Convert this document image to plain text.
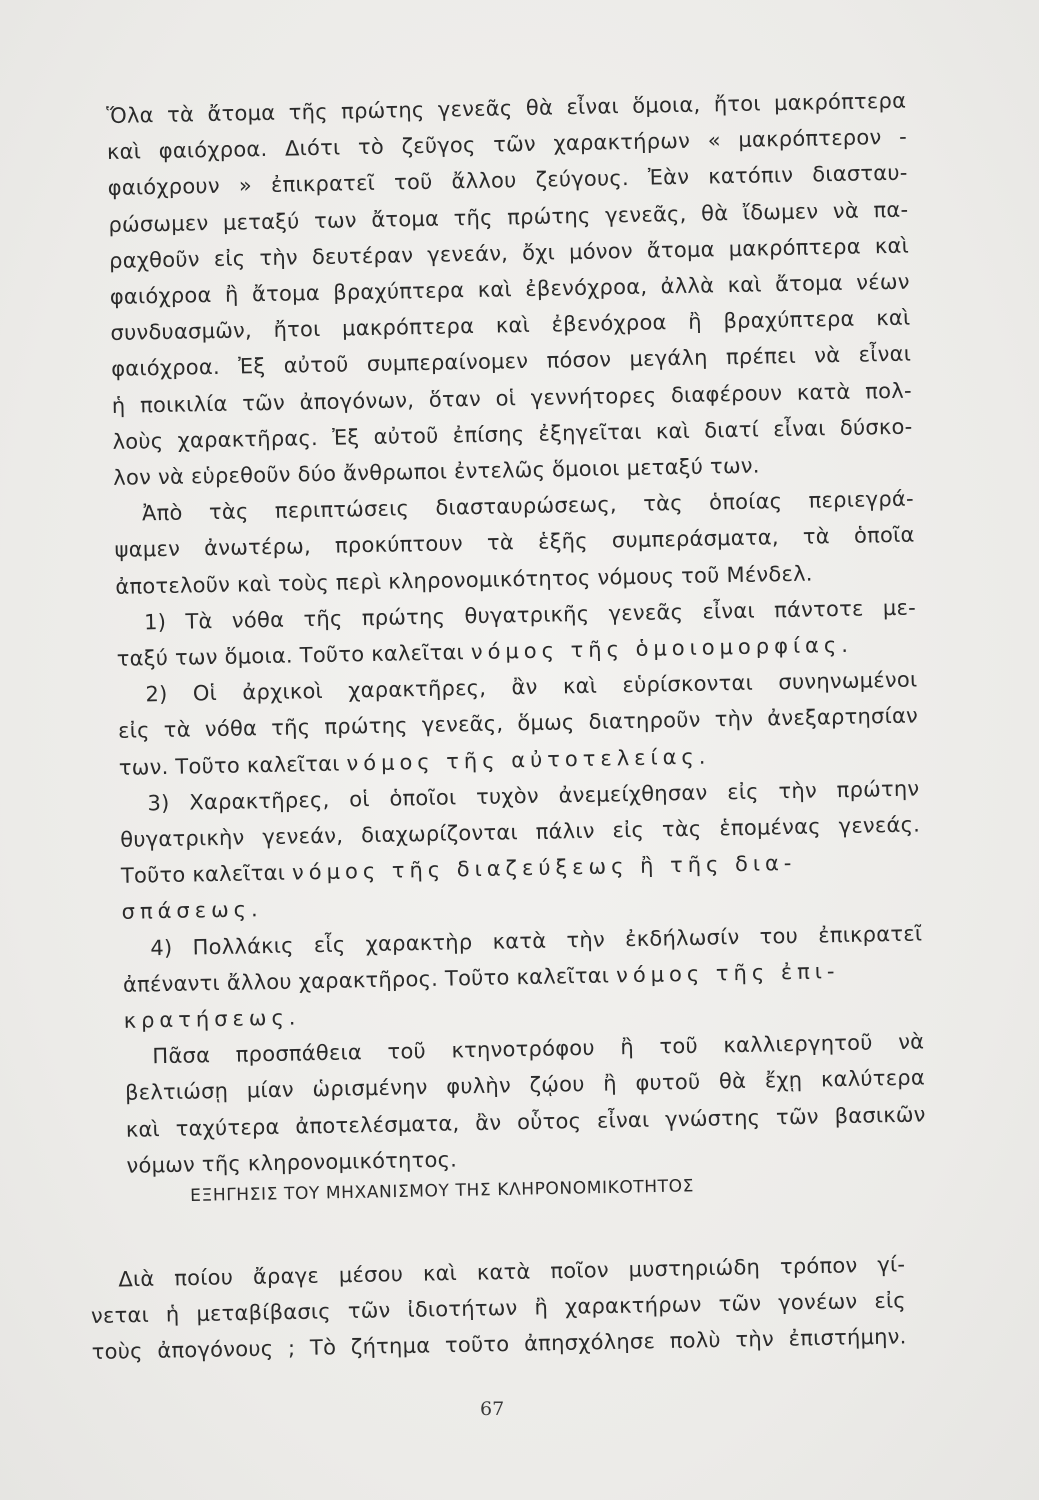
Ὅλα τὰ ἄτομα τῆς πρώτης γενεᾶς θὰ εἶναι ὅμοια, ἤτοι μακρόπτερα
καὶ φαιόχροα. Διότι τὸ ζεῦγος τῶν χαρακτήρων « μακρόπτερον -
φαιόχρουν » ἐπικρατεῖ τοῦ ἄλλου ζεύγους. Ἐὰν κατόπιν διασταυ-
ρώσωμεν μεταξύ των ἄτομα τῆς πρώτης γενεᾶς, θὰ ἴδωμεν νὰ πα-
ραχθοῦν εἰς τὴν δευτέραν γενεάν, ὄχι μόνον ἄτομα μακρόπτερα καὶ
φαιόχροα ἢ ἄτομα βραχύπτερα καὶ ἐβενόχροα, ἀλλὰ καὶ ἄτομα νέων
συνδυασμῶν, ἤτοι μακρόπτερα καὶ ἐβενόχροα ἢ βραχύπτερα καὶ
φαιόχροα. Ἐξ αὐτοῦ συμπεραίνομεν πόσον μεγάλη πρέπει νὰ εἶναι
ἡ ποικιλία τῶν ἀπογόνων, ὅταν οἱ γεννήτορες διαφέρουν κατὰ πολ-
λοὺς χαρακτῆρας. Ἐξ αὐτοῦ ἐπίσης ἐξηγεῖται καὶ διατί εἶναι δύσκο-
λον νὰ εὑρεθοῦν δύο ἄνθρωποι ἐντελῶς ὅμοιοι μεταξύ των.
Ἀπὸ τὰς περιπτώσεις διασταυρώσεως, τὰς ὁποίας περιεγρά-
ψαμεν ἀνωτέρω, προκύπτουν τὰ ἑξῆς συμπεράσματα, τὰ ὁποῖα
ἀποτελοῦν καὶ τοὺς περὶ κληρονομικότητος νόμους τοῦ Μένδελ.
1) Τὰ νόθα τῆς πρώτης θυγατρικῆς γενεᾶς εἶναι πάντοτε με-
ταξύ των ὅμοια. Τοῦτο καλεῖται νόμος τῆς ὁμοιομορφίας.
2) Οἱ ἀρχικοὶ χαρακτῆρες, ἂν καὶ εὑρίσκονται συνηνωμένοι
εἰς τὰ νόθα τῆς πρώτης γενεᾶς, ὅμως διατηροῦν τὴν ἀνεξαρτησίαν
των. Τοῦτο καλεῖται νόμος τῆς αὐτοτελείας.
3) Χαρακτῆρες, οἱ ὁποῖοι τυχὸν ἀνεμείχθησαν εἰς τὴν πρώτην
θυγατρικὴν γενεάν, διαχωρίζονται πάλιν εἰς τὰς ἑπομένας γενεάς.
Τοῦτο καλεῖται νόμος τῆς διαζεύξεως ἢ τῆς δια-
σπάσεως.
4) Πολλάκις εἷς χαρακτὴρ κατὰ τὴν ἐκδήλωσίν του ἐπικρατεῖ
ἀπέναντι ἄλλου χαρακτῆρος. Τοῦτο καλεῖται νόμος τῆς ἐπι-
κρατήσεως.
Πᾶσα προσπάθεια τοῦ κτηνοτρόφου ἢ τοῦ καλλιεργητοῦ νὰ
βελτιώσῃ μίαν ὡρισμένην φυλὴν ζῴου ἢ φυτοῦ θὰ ἔχῃ καλύτερα
καὶ ταχύτερα ἀποτελέσματα, ἂν οὗτος εἶναι γνώστης τῶν βασικῶν
νόμων τῆς κληρονομικότητος.
ΕΞΗΓΗΣΙΣ ΤΟΥ ΜΗΧΑΝΙΣΜΟΥ ΤΗΣ ΚΛΗΡΟΝΟΜΙΚΟΤΗΤΟΣ
Διὰ ποίου ἄραγε μέσου καὶ κατὰ ποῖον μυστηριώδη τρόπον γί-
νεται ἡ μεταβίβασις τῶν ἰδιοτήτων ἢ χαρακτήρων τῶν γονέων εἰς
τοὺς ἀπογόνους ; Τὸ ζήτημα τοῦτο ἀπησχόλησε πολὺ τὴν ἐπιστήμην.
67
